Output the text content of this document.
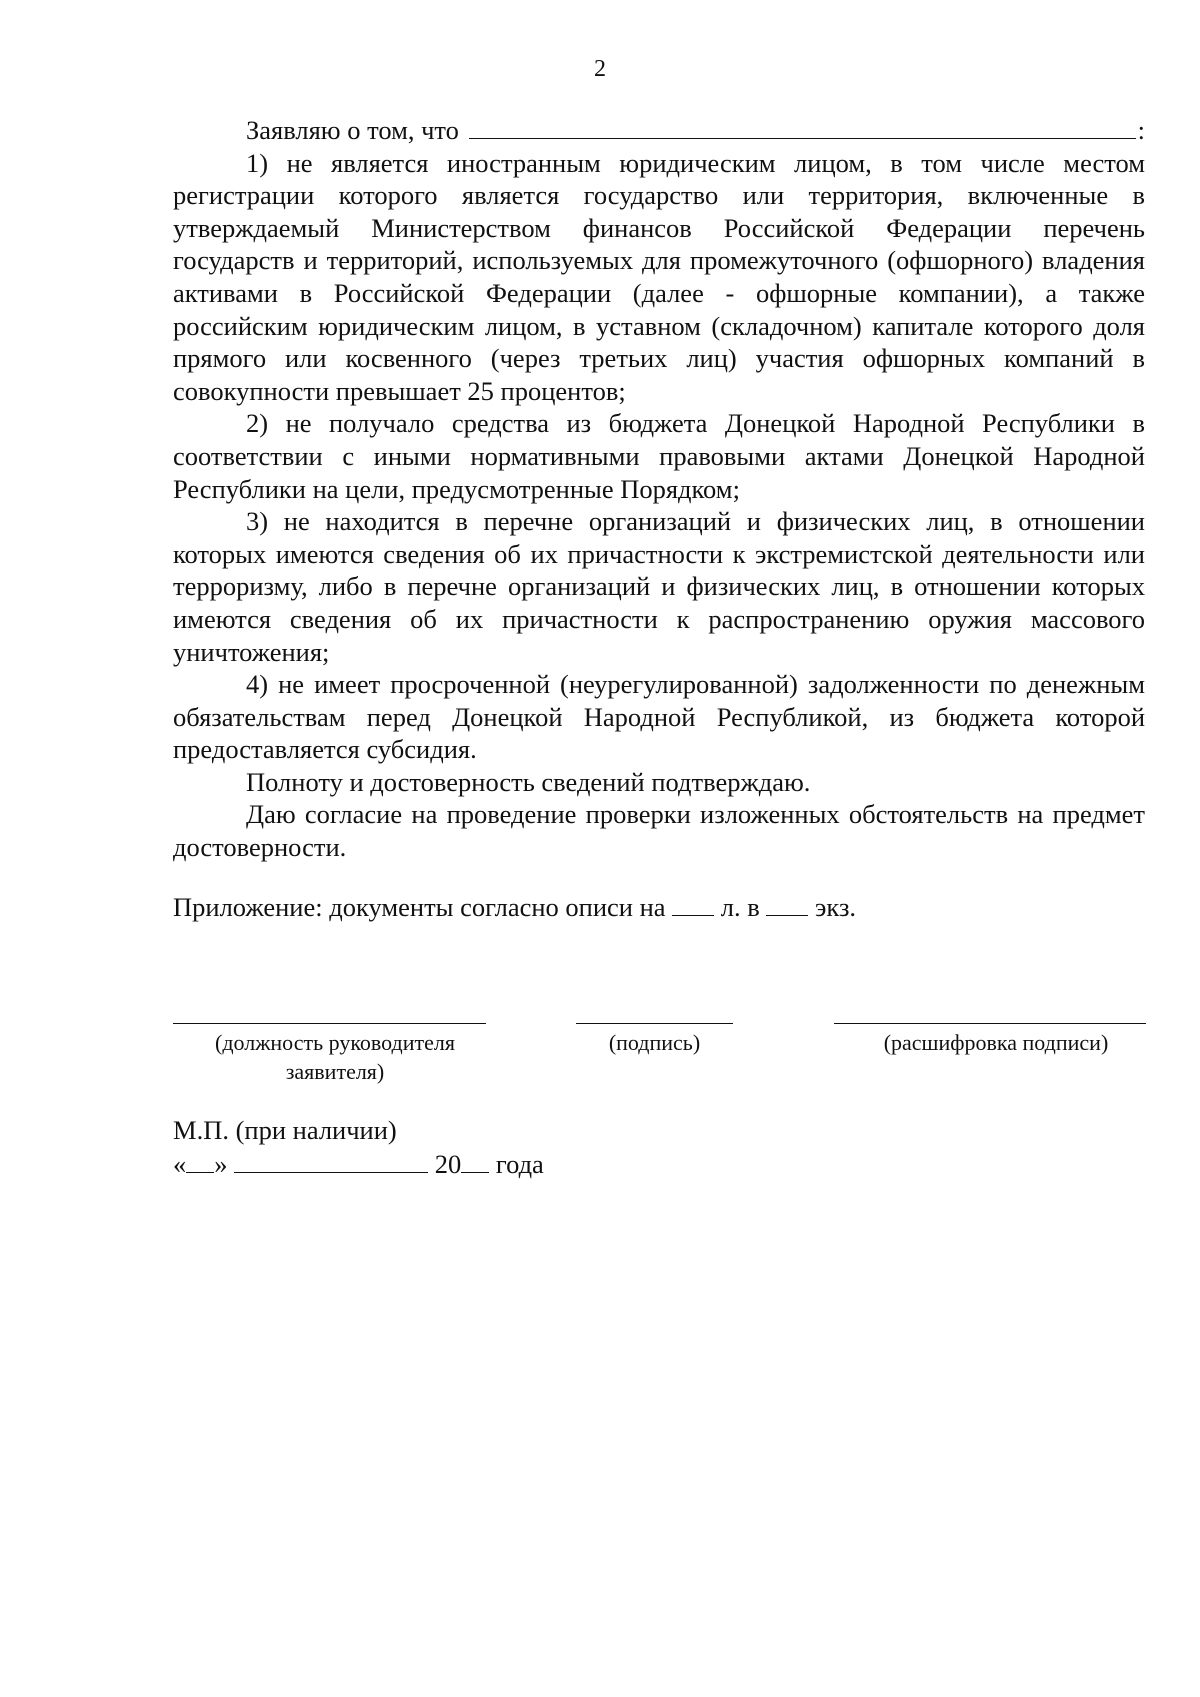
2
Заявляю о том, что	:

1) не является иностранным юридическим лицом, в том числе местом регистрации которого является государство или территория, включенные в утверждаемый Министерством финансов Российской Федерации перечень государств и территорий, используемых для промежуточного (офшорного) владения активами в Российской Федерации (далее - офшорные компании), а также российским юридическим лицом, в уставном (складочном) капитале которого доля прямого или косвенного (через третьих лиц) участия офшорных компаний в совокупности превышает 25 процентов;

2) не получало средства из бюджета Донецкой Народной Республики в соответствии с иными нормативными правовыми актами Донецкой Народной Республики на цели, предусмотренные Порядком;

3) не находится в перечне организаций и физических лиц, в отношении которых имеются сведения об их причастности к экстремистской деятельности или терроризму, либо в перечне организаций и физических лиц, в отношении которых имеются сведения об их причастности к распространению оружия массового уничтожения;

4) не имеет просроченной (неурегулированной) задолженности по денежным обязательствам перед Донецкой Народной Республикой, из бюджета которой предоставляется субсидия.

Полноту и достоверность сведений подтверждаю.

Даю согласие на проведение проверки изложенных обстоятельств на предмет достоверности.

Приложение: документы согласно описи на л. в экз.
(должность руководителя заявителя)
(подпись)	(расшифровка подписи)
М.П. (при наличии)
« »	20 года
